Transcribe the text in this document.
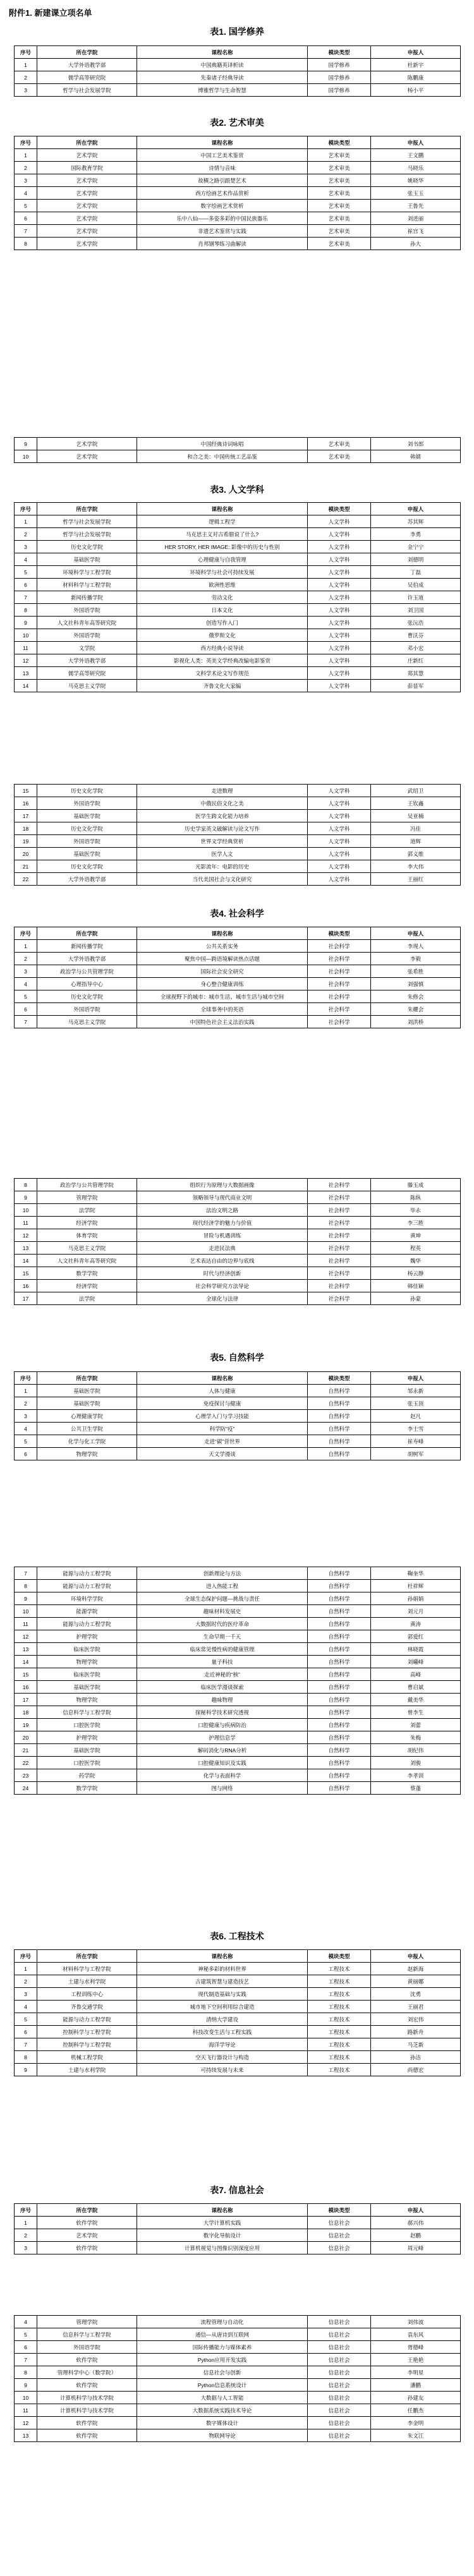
附件1. 新建课立项名单
表1. 国学修养
序号	所在学院	课程名称	模块类型	申报人
1	大学外语教学部	中国典籍英译析读	国学修养	杜新宇
2	儒学高等研究院	先秦诸子经典导读	国学修养	陈鹏康
3	哲学与社会发展学院	博雅哲学与生命智慧	国学修养	杨小平
表2. 艺术审美
序号	所在学院	课程名称	模块类型	申报人
1	艺术学院	中国工艺美术鉴赏	艺术审美	王文鹏
2	国际教育学院	诗情与音味	艺术审美	马晓乐
3	艺术学院	故横之路引跟楚艺术	艺术审美	姚晓华
4	艺术学院	西方绘画艺术作品赏析	艺术审美	张玉玉
5	艺术学院	数字绘画艺术赏析	艺术审美	王鲁先
6	艺术学院	乐中八仙——多姿多彩的中国民族器乐	艺术审美	刘进丽
7	艺术学院	非遗艺术鉴赏与实践	艺术审美	崔宫飞
8	艺术学院	肖邦钢琴练习曲解读	艺术审美	孙大
9	艺术学院	中国经典诗词咏唱	艺术审美	刘书郎
10	艺术学院	和合之美：中国传统工艺品鉴	艺术审美	韩婧
表3. 人文学科
序号	所在学院	课程名称	模块类型	申报人
1	哲学与社会发展学院	逻辑工程学	人文学科	苏其辉
2	哲学与社会发展学院	马克思主义对古希腊说了什么?	人文学科	李勇
3	历史文化学院	HER STORY, HER IMAGE: 影像中的历史与性别	人文学科	金宁宁
4	基础医学院	心理健康与自我管理	人文学科	刘德明
5	环境科学与工程学院	环境科学与社会可持续发展	人文学科	丁磊
6	材料科学与工程学院	欧洲性思维	人文学科	吴伯成
7	新闻传播学院	劳动文化	人文学科	许玉道
8	外国语学院	日本文化	人文学科	刘卫国
9	人文社科青年高等研究院	创造写作入门	人文学科	张沅浩
10	外国语学院	俄罗斯文化	人文学科	曹沃芬
11	文学院	西方经典小说导读	人文学科	邓小宏
12	大学外语教学部	影视化人类：英美文学经典改编电影鉴赏	人文学科	庄新红
13	儒学高等研究院	文科学术论文写作规范	人文学科	郑其慧
14	马克思主义学院	齐鲁文化大家编	人文学科	彭显军
15	历史文化学院	走进数理	人文学科	武绍卫
16	外国语学院	中俄民俗文化之美	人文学科	王钦鑫
17	基础医学院	医学生跨文化能力培养	人文学科	吴亚楠
18	历史文化学院	历史学家英文破解读与论文写作	人文学科	冯佳
19	外国语学院	世界文学经典赏析	人文学科	道辉
20	基础医学院	医学人文	人文学科	郭义维
21	历史文化学院	光影流年：电影的历史	人文学科	李大伟
22	大学外语教学部	当代美国社会与文化研究	人文学科	王丽红
表4. 社会科学
序号	所在学院	课程名称	模块类型	申报人
1	新闻传播学院	公共关系实务	社会科学	李现人
2	大学外语教学部	聚焦中国—跨语境解读热点话题	社会科学	李毅
3	政治学与公共管理学院	国际社会安全研究	社会科学	张希胜
4	心理指导中心	身心整合健康训练	社会科学	刘强慎
5	历史文化学院	全球视野下的城市：城市生活、城市生活与城市空间	社会科学	朱修会
6	外国语学院	全球事务中的英语	社会科学	朱耀会
7	马克思主义学院	中国特色社会主义法治实践	社会科学	刘洪桥
8	政治学与公共管理学院	组织行为原理与大数据画像	社会科学	滕玉成
9	管理学院	领略领导与现代商业文明	社会科学	陈纵
10	法学院	法治文明之路	社会科学	毕永
11	经济学院	现代经济学的魅力与价值	社会科学	李三胜
12	体育学院	冒险与机遇训练	社会科学	黄坤
13	马克思主义学院	走进民法典	社会科学	程英
14	人文社科青年高等研究院	艺术表达自由的边界与底线	社会科学	魏华
15	数学学院	时代与经济创新	社会科学	杨云静
16	经济学院	社会科学研究方法导论	社会科学	韩佳颖
17	法学院	全球化与法律	社会科学	孙蒙
表5. 自然科学
序号	所在学院	课程名称	模块类型	申报人
1	基础医学院	人体与健康	自然科学	邹永新
2	基础医学院	免疫探讨与健康	自然科学	张玉顶
3	心理健康学院	心理学入门与学习技能	自然科学	赵凡
4	公共卫生学院	科学防“疫”	自然科学	李士雪
5	化学与化工学院	走进“碳”营世界	自然科学	崔寿峰
6	物理学院	天文学漫谈	自然科学	胡树军
7	能源与动力工程学院	创新理论与方法	自然科学	鞠奎华
8	能源与动力工程学院	进入热能工程	自然科学	杜祥辉
9	环境科学学院	全球生态保护问题—挑战与责任	自然科学	孙娟娟
10	能源学院	趣味材料发展史	自然科学	刘元月
11	能源与动力工程学院	大数据时代的医疗革命	自然科学	黄涛
12	护理学院	生命早期一千天	自然科学	郭爱红
13	临床医学院	临床常见慢性病的健康管理	自然科学	林晓霞
14	物理学院	量子科技	自然科学	刘曦峰
15	临床医学院	走近神秘的“核”	自然科学	高峰
16	基础医学院	临床医学漫谈探索	自然科学	曹启斌
17	物理学院	趣味物理	自然科学	戴美华
18	信息科学与工程学院	探秘科学技术研究透视	自然科学	曾李生
19	口腔医学院	口腔健康与疾病防治	自然科学	刘蕾
20	护理学院	护理信息学	自然科学	朱梅
21	基础医学院	解码消化与RNA分析	自然科学	胡纪伟
22	口腔医学院	口腔健康知识及实践	自然科学	刘骏
23	药学院	化学与表面科学	自然科学	李孝训
24	数学学院	图与网络	自然科学	蔡蓬
表6. 工程技术
序号	所在学院	课程名称	模块类型	申报人
1	材料科学与工程学院	神秘多彩的材料世界	工程技术	赵新海
2	土建与水利学院	古建筑智慧与建造技艺	工程技术	黄丽娜
3	工程训练中心	现代制造基础与实践	工程技术	沈勇
4	齐鲁交通学院	城市地下空间利用综合建造	工程技术	王丽君
5	能源与动力工程学院	清纳大学建设	工程技术	刘宏伟
6	控制科学与工程学院	科技改变生活与工程实践	工程技术	路新舟
7	控制科学与工程学院	海洋学导论	工程技术	马芝新
8	机械工程学院	空天飞行器设计与构造	工程技术	孙洁
9	土建与水利学院	可持续发展与未来	工程技术	尚德宏
表7. 信息社会
序号	所在学院	课程名称	模块类型	申报人
1	软件学院	大学计算机实践	信息社会	郝兴伟
2	艺术学院	数字化导航设计	信息社会	赵鹏
3	软件学院	计算机视觉与图像识别深度应用	信息社会	周元峰
4	管理学院	流程管理与自动化	信息社会	刘伟波
5	信息科学与工程学院	通信—从唐诗到互联网	信息社会	袁东风
6	外国语学院	国际传播能力与媒体素养	信息社会	胥德峰
7	软件学院	Python应用开发实践	信息社会	王艳艳
8	管理科学中心（数学院）	信息社会与创新	信息社会	李明星
9	软件学院	Python信息系统设计	信息社会	潘鹏
10	计算机科学与技术学院	大数据与人工智能	信息社会	孙建友
11	计算机科学与技术学院	大数据系统实践技术导论	信息社会	任鹏杰
12	软件学院	数字媒体设计	信息社会	李金明
13	软件学院	物联网导论	信息社会	朱文江
